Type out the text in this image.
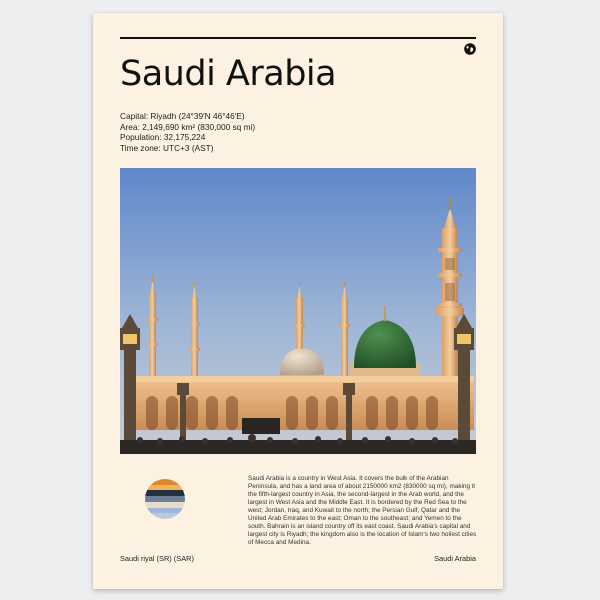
Saudi Arabia
Capital: Riyadh (24°39′N 46°46′E)
Area: 2,149,690 km² (830,000 sq mi)
Population: 32,175,224
Time zone: UTC+3 (AST)
Saudi Arabia is a country in West Asia. It covers the bulk of the Arabian Peninsula, and has a land area of about 2150000 km2 (830000 sq mi), making it the fifth-largest country in Asia, the second-largest in the Arab world, and the largest in West Asia and the Middle East. It is bordered by the Red Sea to the west; Jordan, Iraq, and Kuwait to the north; the Persian Gulf, Qatar and the United Arab Emirates to the east; Oman to the southeast; and Yemen to the south. Bahrain is an island country off its east coast. Saudi Arabia's capital and largest city is Riyadh; the kingdom also is the location of Islam's two holiest cities of Mecca and Medina.
Saudi riyal (SR) (SAR)	Saudi Arabia
